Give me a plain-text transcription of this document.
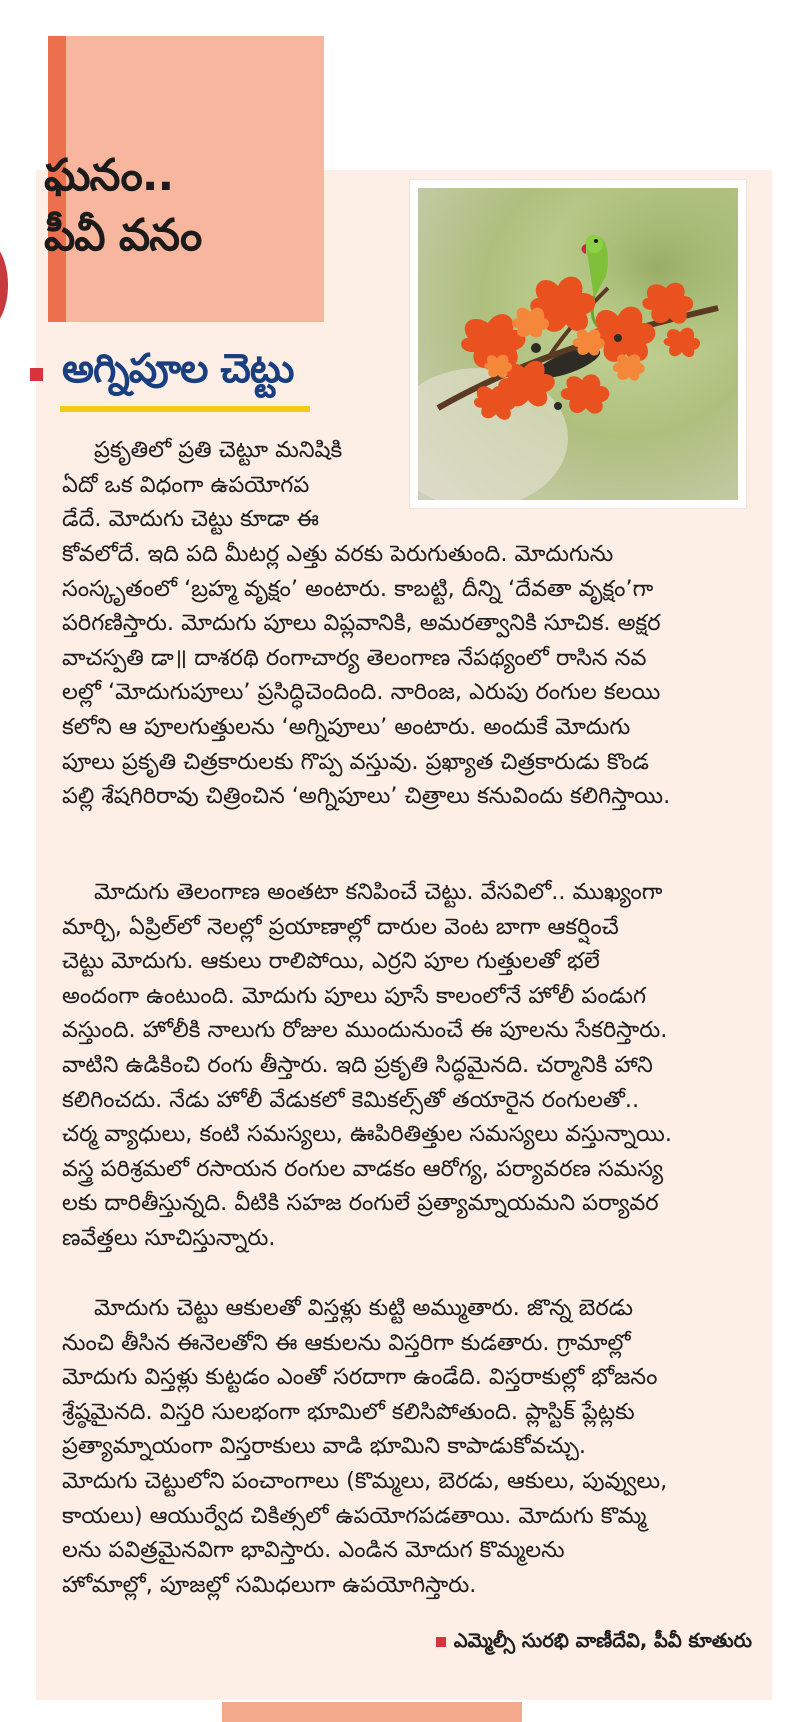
ఘనం..
పీవీ వనం
అగ్నిపూల చెట్టు
ప్రకృతిలో ప్రతి చెట్టూ మనిషికి
ఏదో ఒక విధంగా ఉపయోగప
డేదే. మోదుగు చెట్టు కూడా ఈ
కోవలోదే. ఇది పది మీటర్ల ఎత్తు వరకు పెరుగుతుంది. మోదుగును
సంస్కృతంలో ‘బ్రహ్మ వృక్షం’ అంటారు. కాబట్టి, దీన్ని ‘దేవతా వృక్షం’గా
పరిగణిస్తారు. మోదుగు పూలు విప్లవానికి, అమరత్వానికి సూచిక. అక్షర
వాచస్పతి డా॥ దాశరథి రంగాచార్య తెలంగాణ నేపథ్యంలో రాసిన నవ
లల్లో ‘మోదుగుపూలు’ ప్రసిద్ధిచెందింది. నారింజ, ఎరుపు రంగుల కలయి
కలోని ఆ పూలగుత్తులను ‘అగ్నిపూలు’ అంటారు. అందుకే మోదుగు
పూలు ప్రకృతి చిత్రకారులకు గొప్ప వస్తువు. ప్రఖ్యాత చిత్రకారుడు కొండ
పల్లి శేషగిరిరావు చిత్రించిన ‘అగ్నిపూలు’ చిత్రాలు కనువిందు కలిగిస్తాయి.
మోదుగు తెలంగాణ అంతటా కనిపించే చెట్టు. వేసవిలో.. ముఖ్యంగా
మార్చి, ఏప్రిల్‌లో నెలల్లో ప్రయాణాల్లో దారుల వెంట బాగా ఆకర్షించే
చెట్టు మోదుగు. ఆకులు రాలిపోయి, ఎర్రని పూల గుత్తులతో భలే
అందంగా ఉంటుంది. మోదుగు పూలు పూసే కాలంలోనే హోలీ పండుగ
వస్తుంది. హోలీకి నాలుగు రోజుల ముందునుంచే ఈ పూలను సేకరిస్తారు.
వాటిని ఉడికించి రంగు తీస్తారు. ఇది ప్రకృతి సిద్ధమైనది. చర్మానికి హాని
కలిగించదు. నేడు హోలీ వేడుకలో కెమికల్స్‌తో తయారైన రంగులతో..
చర్మ వ్యాధులు, కంటి సమస్యలు, ఊపిరితిత్తుల సమస్యలు వస్తున్నాయి.
వస్త్ర పరిశ్రమలో రసాయన రంగుల వాడకం ఆరోగ్య, పర్యావరణ సమస్య
లకు దారితీస్తున్నది. వీటికి సహజ రంగులే ప్రత్యామ్నాయమని పర్యావర
ణవేత్తలు సూచిస్తున్నారు.
మోదుగు చెట్టు ఆకులతో విస్తళ్లు కుట్టి అమ్ముతారు. జొన్న బెరడు
నుంచి తీసిన ఈనెలతోని ఈ ఆకులను విస్తరిగా కుడతారు. గ్రామాల్లో
మోదుగు విస్తళ్లు కుట్టడం ఎంతో సరదాగా ఉండేది. విస్తరాకుల్లో భోజనం
శ్రేష్ఠమైనది. విస్తరి సులభంగా భూమిలో కలిసిపోతుంది. ప్లాస్టిక్ ప్లేట్లకు
ప్రత్యామ్నాయంగా విస్తరాకులు వాడి భూమిని కాపాడుకోవచ్చు.
మోదుగు చెట్టులోని పంచాంగాలు (కొమ్మలు, బెరడు, ఆకులు, పువ్వులు,
కాయలు) ఆయుర్వేద చికిత్సలో ఉపయోగపడతాయి. మోదుగు కొమ్మ
లను పవిత్రమైనవిగా భావిస్తారు. ఎండిన మోదుగ కొమ్మలను
హోమాల్లో, పూజల్లో సమిధలుగా ఉపయోగిస్తారు.
ఎమ్మెల్సీ సురభి వాణీదేవి, పీవీ కూతురు
